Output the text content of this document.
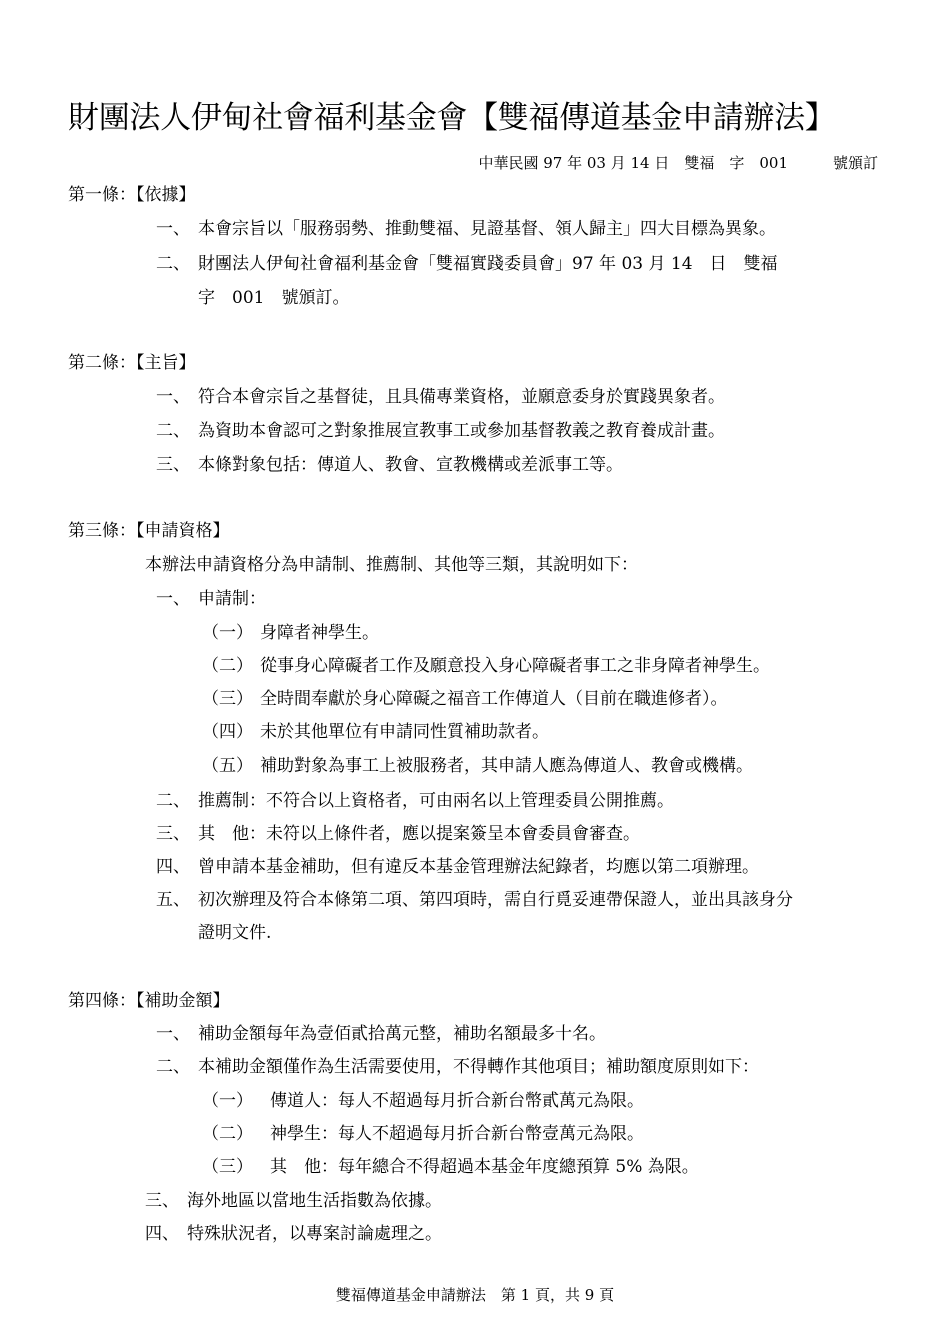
財團法人伊甸社會福利基金會【雙福傳道基金申請辦法】
中華民國 97 年 03 月 14 日　雙福　字　001　　　號頒訂
第一條：【依據】
一、 本會宗旨以「服務弱勢、推動雙福、見證基督、領人歸主」四大目標為異象。
二、 財團法人伊甸社會福利基金會「雙福實踐委員會」97 年 03 月 14　日　雙福
字　001　號頒訂。
第二條：【主旨】
一、 符合本會宗旨之基督徒，且具備專業資格，並願意委身於實踐異象者。
二、 為資助本會認可之對象推展宣教事工或參加基督教義之教育養成計畫。
三、 本條對象包括：傳道人、教會、宣教機構或差派事工等。
第三條：【申請資格】
本辦法申請資格分為申請制、推薦制、其他等三類，其說明如下：
一、 申請制：
（一） 身障者神學生。
（二） 從事身心障礙者工作及願意投入身心障礙者事工之非身障者神學生。
（三） 全時間奉獻於身心障礙之福音工作傳道人（目前在職進修者）。
（四） 未於其他單位有申請同性質補助款者。
（五） 補助對象為事工上被服務者，其申請人應為傳道人、教會或機構。
二、 推薦制：不符合以上資格者，可由兩名以上管理委員公開推薦。
三、 其　他：未符以上條件者，應以提案簽呈本會委員會審查。
四、 曾申請本基金補助，但有違反本基金管理辦法紀錄者，均應以第二項辦理。
五、 初次辦理及符合本條第二項、第四項時，需自行覓妥連帶保證人，並出具該身分
證明文件.
第四條：【補助金額】
一、 補助金額每年為壹佰貳拾萬元整，補助名額最多十名。
二、 本補助金額僅作為生活需要使用，不得轉作其他項目；補助額度原則如下：
（一） 傳道人：每人不超過每月折合新台幣貳萬元為限。
（二） 神學生：每人不超過每月折合新台幣壹萬元為限。
（三） 其　他：每年總合不得超過本基金年度總預算 5% 為限。
三、 海外地區以當地生活指數為依據。
四、 特殊狀況者，以專案討論處理之。
雙福傳道基金申請辦法　第 1 頁，共 9 頁
